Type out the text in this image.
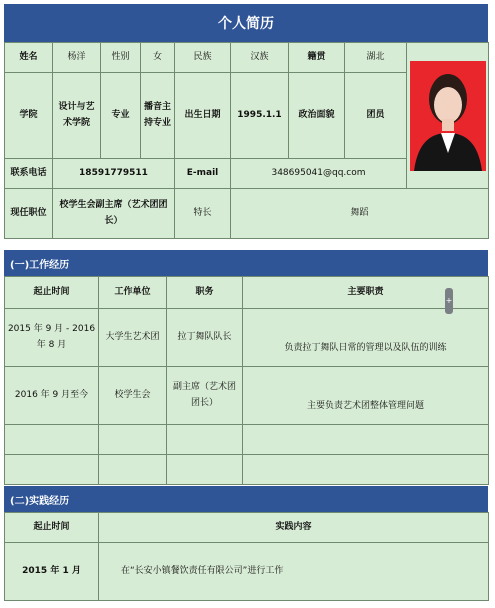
个人简历
姓名	杨洋	性别	女	民族	汉族	籍贯	湖北	

学院	设计与艺术学院	专业	播音主持专业	出生日期	1995.1.1	政治面貌	团员	
联系电话	18591779511			E-mail	348695041@qq.com			
现任职位	校学生会副主席（艺术团团长）			特长	舞蹈			
(一)工作经历
起止时间	工作单位	职务	主要职责
2015 年 9 月 - 2016 年 8 月	大学生艺术团	拉丁舞队队长	负责拉丁舞队日常的管理以及队伍的训练
2016 年 9 月至今	校学生会	副主席（艺术团团长）	主要负责艺术团整体管理问题

+
(二)实践经历
起止时间	实践内容
2015 年 1 月	在“长安小镇餐饮责任有限公司”进行工作
